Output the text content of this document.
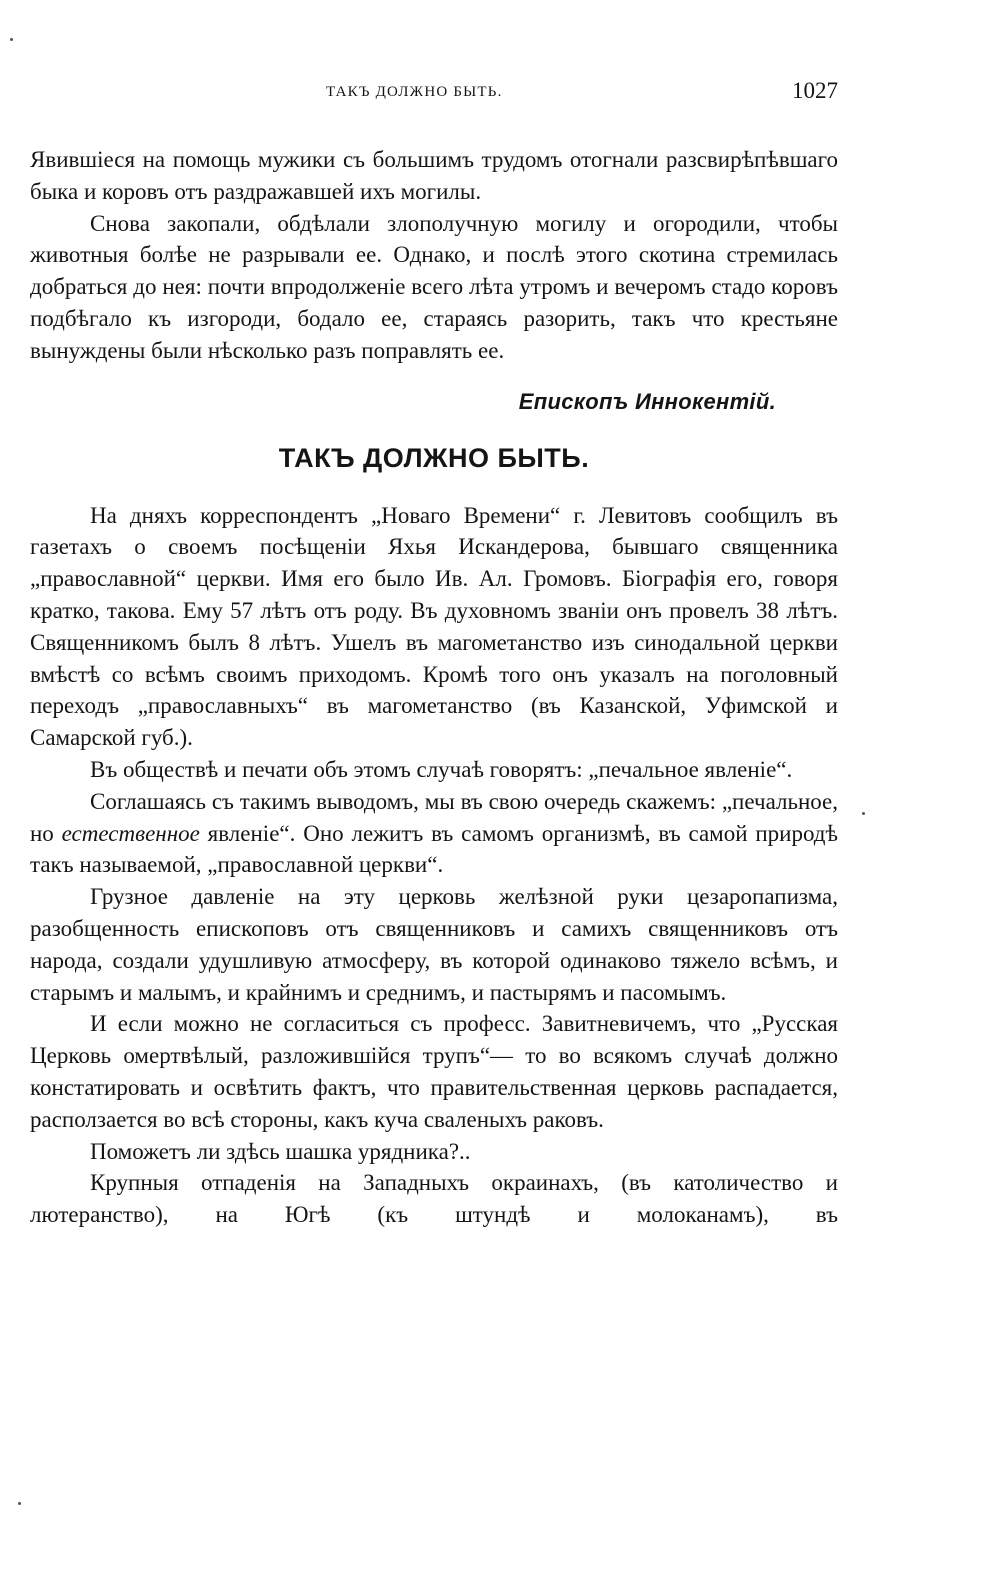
ТАКЪ ДОЛЖНО БЫТЬ.	1027

Явившіеся на помощь мужики съ большимъ трудомъ отогнали разсвирѣпѣвшаго быка и коровъ отъ раздражавшей ихъ могилы.

Снова закопали, обдѣлали злополучную могилу и огородили, чтобы животныя болѣе не разрывали ее. Однако, и послѣ этого скотина стремилась добраться до нея: почти впродолженіе всего лѣта утромъ и вечеромъ стадо коровъ подбѣгало къ изгороди, бодало ее, стараясь разорить, такъ что крестьяне вынуждены были нѣсколько разъ поправлять ее.

Епископъ Иннокентій.
ТАКЪ ДОЛЖНО БЫТЬ.

На дняхъ корреспондентъ „Новаго Времени“ г. Левитовъ сообщилъ въ газетахъ о своемъ посѣщеніи Яхья Искандерова, бывшаго священника „православной“ церкви. Имя его было Ив. Ал. Громовъ. Біографія его, говоря кратко, такова. Ему 57 лѣтъ отъ роду. Въ духовномъ званіи онъ провелъ 38 лѣтъ. Священникомъ былъ 8 лѣтъ. Ушелъ въ магометанство изъ синодальной церкви вмѣстѣ со всѣмъ своимъ приходомъ. Кромѣ того онъ указалъ на поголовный переходъ „православныхъ“ въ магометанство (въ Казанской, Уфимской и Самарской губ.).

Въ обществѣ и печати объ этомъ случаѣ говорятъ: „печальное явленіе“.

Соглашаясь съ такимъ выводомъ, мы въ свою очередь скажемъ: „печальное, но естественное явленіе“. Оно лежитъ въ самомъ организмѣ, въ самой природѣ такъ называемой, „православной церкви“.

Грузное давленіе на эту церковь желѣзной руки цезаропапизма, разобщенность епископовъ отъ священниковъ и самихъ священниковъ отъ народа, создали удушливую атмосферу, въ которой одинаково тяжело всѣмъ, и старымъ и малымъ, и крайнимъ и среднимъ, и пастырямъ и пасомымъ.

И если можно не согласиться съ професс. Завитневичемъ, что „Русская Церковь омертвѣлый, разложившійся трупъ“— то во всякомъ случаѣ должно констатировать и освѣтить фактъ, что правительственная церковь распадается, расползается во всѣ стороны, какъ куча сваленыхъ раковъ.

Поможетъ ли здѣсь шашка урядника?..

Крупныя отпаденія на Западныхъ окраинахъ, (въ католичество и лютеранство), на Югѣ (къ штундѣ и молоканамъ), въ
